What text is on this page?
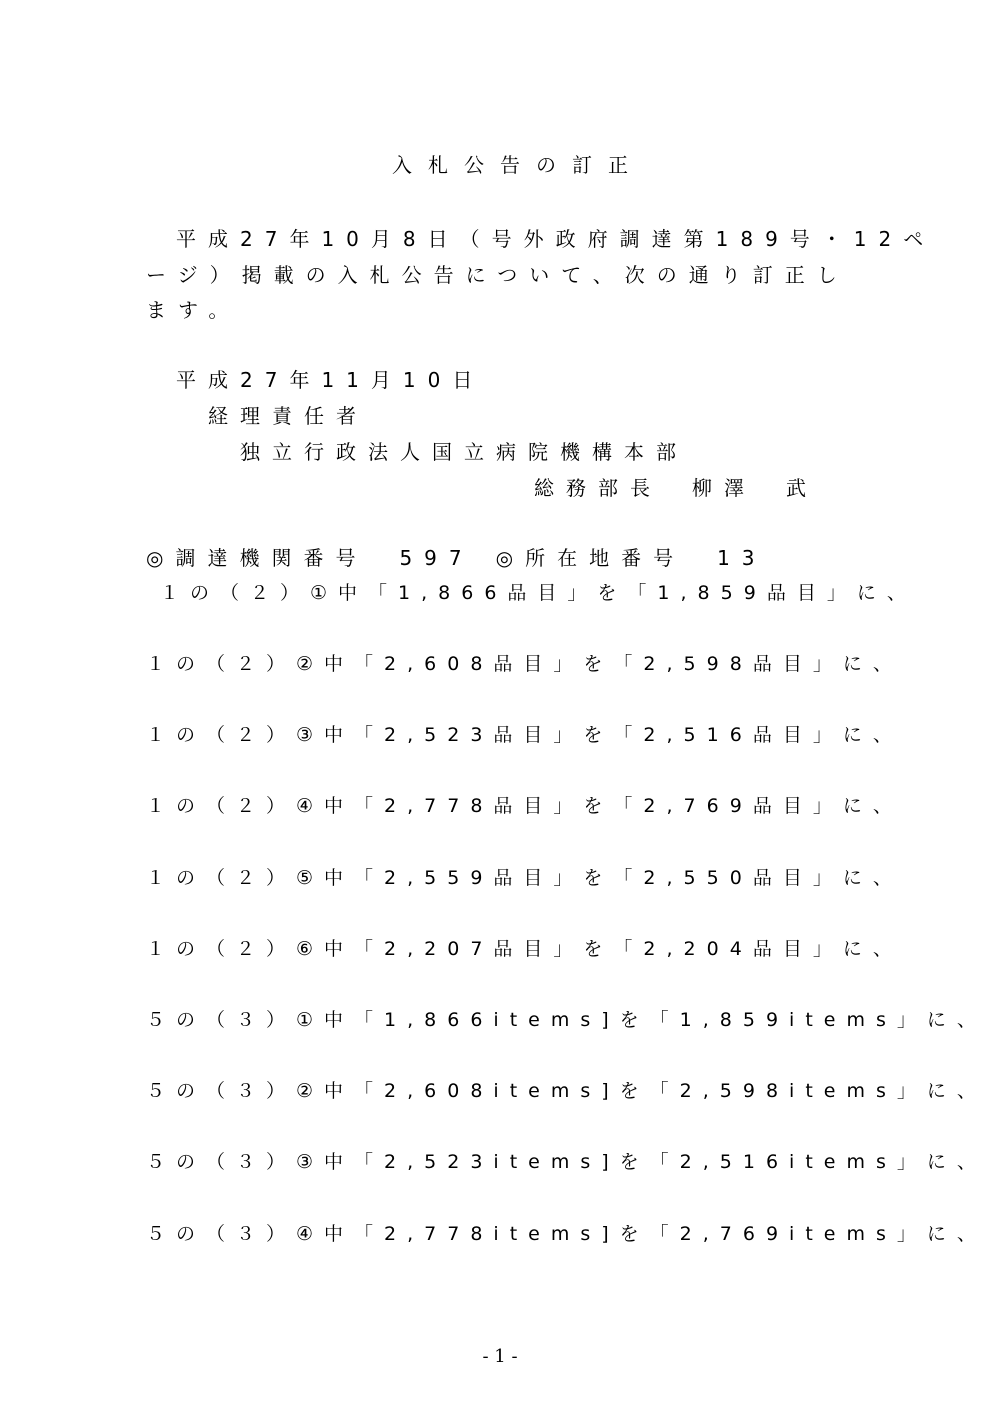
入札公告の訂正
平成27年10月8日（号外政府調達第189号・12ペ
ージ）掲載の入札公告について、次の通り訂正し
ます。
平成27年11月10日
経理責任者
独立行政法人国立病院機構本部
総務部長 柳澤 武
◎調達機関番号　597 ◎所在地番号　13
１の（２）①中「1,866品目」を「1,859品目」に、
１の（２）②中「2,608品目」を「2,598品目」に、
１の（２）③中「2,523品目」を「2,516品目」に、
１の（２）④中「2,778品目」を「2,769品目」に、
１の（２）⑤中「2,559品目」を「2,550品目」に、
１の（２）⑥中「2,207品目」を「2,204品目」に、
５の（３）①中「1,866items]を「1,859items」に、
５の（３）②中「2,608items]を「2,598items」に、
５の（３）③中「2,523items]を「2,516items」に、
５の（３）④中「2,778items]を「2,769items」に、
- 1 -
